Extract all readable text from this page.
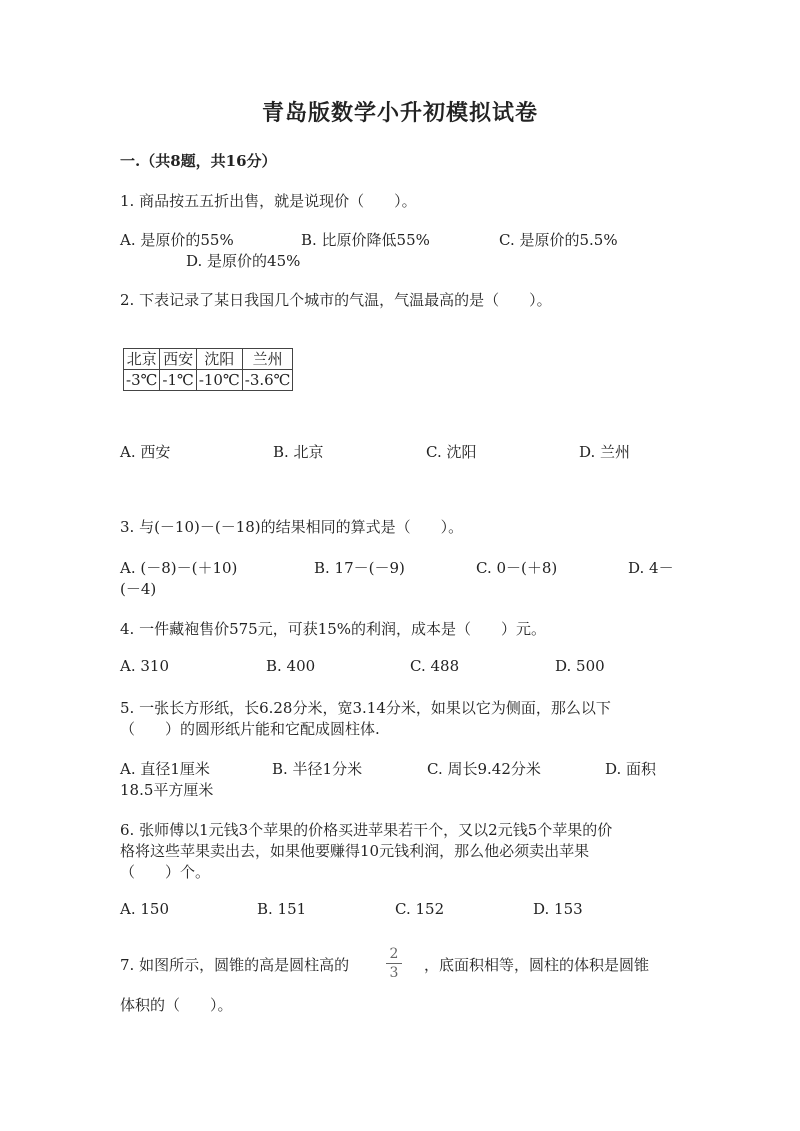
青岛版数学小升初模拟试卷
一.（共8题，共16分）
1. 商品按五五折出售，就是说现价（　　）。
A. 是原价的55%	B. 比原价降低55%	C. 是原价的5.5%
D. 是原价的45%
2. 下表记录了某日我国几个城市的气温，气温最高的是（　　）。
北京	西安	沈阳	兰州
-3℃	-1℃	-10℃	-3.6℃
A. 西安	B. 北京	C. 沈阳	D. 兰州
3. 与(－10)－(－18)的结果相同的算式是（　　）。
A. (－8)－(＋10)	B. 17－(－9)	C. 0－(＋8)	D. 4－
(－4)
4. 一件藏袍售价575元，可获15%的利润，成本是（　　）元。
A. 310	B. 400	C. 488	D. 500
5. 一张长方形纸，长6.28分米，宽3.14分米，如果以它为侧面，那么以下
（　　）的圆形纸片能和它配成圆柱体.
A. 直径1厘米	B. 半径1分米	C. 周长9.42分米	D. 面积
18.5平方厘米
6. 张师傅以1元钱3个苹果的价格买进苹果若干个，又以2元钱5个苹果的价
格将这些苹果卖出去，如果他要赚得10元钱利润，那么他必须卖出苹果
（　　）个。
A. 150	B. 151	C. 152	D. 153
7. 如图所示，圆锥的高是圆柱高的
2
3 ，底面积相等，圆柱的体积是圆锥
体积的（　　）。
